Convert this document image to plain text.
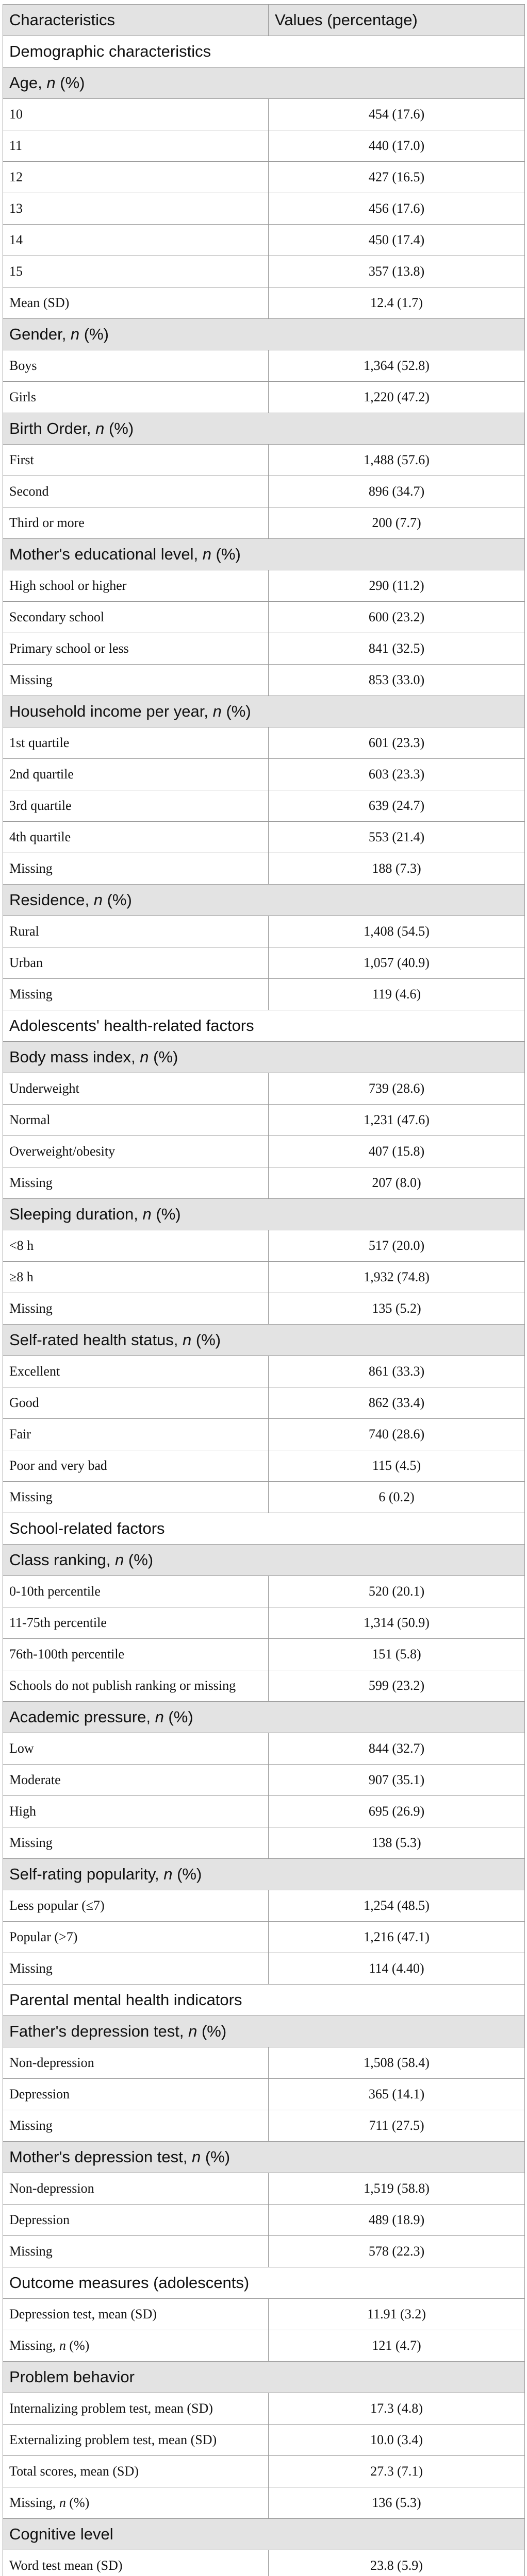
Characteristics	Values (percentage)
Demographic characteristics	
Age, n (%)	
10	454 (17.6)
11	440 (17.0)
12	427 (16.5)
13	456 (17.6)
14	450 (17.4)
15	357 (13.8)
Mean (SD)	12.4 (1.7)
Gender, n (%)	
Boys	1,364 (52.8)
Girls	1,220 (47.2)
Birth Order, n (%)	
First	1,488 (57.6)
Second	896 (34.7)
Third or more	200 (7.7)
Mother's educational level, n (%)	
High school or higher	290 (11.2)
Secondary school	600 (23.2)
Primary school or less	841 (32.5)
Missing	853 (33.0)
Household income per year, n (%)	
1st quartile	601 (23.3)
2nd quartile	603 (23.3)
3rd quartile	639 (24.7)
4th quartile	553 (21.4)
Missing	188 (7.3)
Residence, n (%)	
Rural	1,408 (54.5)
Urban	1,057 (40.9)
Missing	119 (4.6)
Adolescents' health-related factors	
Body mass index, n (%)	
Underweight	739 (28.6)
Normal	1,231 (47.6)
Overweight/obesity	407 (15.8)
Missing	207 (8.0)
Sleeping duration, n (%)	
<8 h	517 (20.0)
≥8 h	1,932 (74.8)
Missing	135 (5.2)
Self-rated health status, n (%)	
Excellent	861 (33.3)
Good	862 (33.4)
Fair	740 (28.6)
Poor and very bad	115 (4.5)
Missing	6 (0.2)
School-related factors	
Class ranking, n (%)	
0-10th percentile	520 (20.1)
11-75th percentile	1,314 (50.9)
76th-100th percentile	151 (5.8)
Schools do not publish ranking or missing	599 (23.2)
Academic pressure, n (%)	
Low	844 (32.7)
Moderate	907 (35.1)
High	695 (26.9)
Missing	138 (5.3)
Self-rating popularity, n (%)	
Less popular (≤7)	1,254 (48.5)
Popular (>7)	1,216 (47.1)
Missing	114 (4.40)
Parental mental health indicators	
Father's depression test, n (%)	
Non-depression	1,508 (58.4)
Depression	365 (14.1)
Missing	711 (27.5)
Mother's depression test, n (%)	
Non-depression	1,519 (58.8)
Depression	489 (18.9)
Missing	578 (22.3)
Outcome measures (adolescents)	
Depression test, mean (SD)	11.91 (3.2)
Missing, n (%)	121 (4.7)
Problem behavior	
Internalizing problem test, mean (SD)	17.3 (4.8)
Externalizing problem test, mean (SD)	10.0 (3.4)
Total scores, mean (SD)	27.3 (7.1)
Missing, n (%)	136 (5.3)
Cognitive level	
Word test mean (SD)	23.8 (5.9)
